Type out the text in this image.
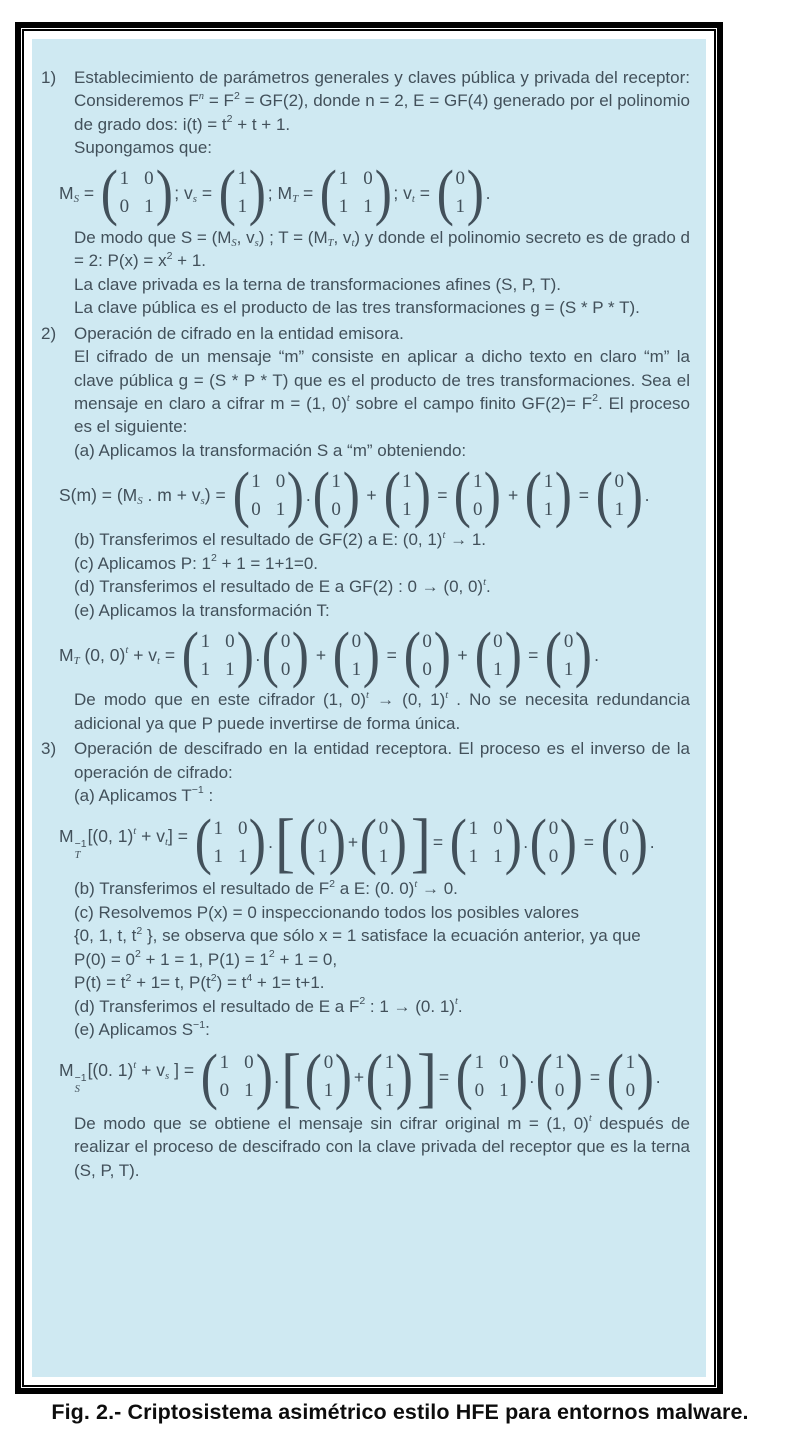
1)	Establecimiento de parámetros generales y claves pública y privada del receptor: Consideremos Fn = F2 = GF(2), donde n = 2, E = GF(4) generado por el polinomio de grado dos: i(t) = t2 + t + 1.
Supongamos que:
MS = ( 1 0
0 1 ) ; vs = ( 1
1 ) ; MT = ( 1 0
1 1 ) ; vt = ( 0
1 ) .
De modo que S = (MS, vs) ; T = (MT, vt) y donde el polinomio secreto es de grado d = 2: P(x) = x2 + 1.
La clave privada es la terna de transformaciones afines (S, P, T).
La clave pública es el producto de las tres transformaciones g = (S * P * T).
2)	Operación de cifrado en la entidad emisora.
El cifrado de un mensaje “m” consiste en aplicar a dicho texto en claro “m” la clave pública g = (S * P * T) que es el producto de tres transformaciones. Sea el mensaje en claro a cifrar m = (1, 0)t sobre el campo finito GF(2)= F2. El proceso es el siguiente:
(a) Aplicamos la transformación S a “m” obteniendo:
S(m) = (MS . m + vs) = ( 1 0
0 1 ) . ( 1
0 ) + ( 1
1 ) = ( 1
0 ) + ( 1
1 ) = ( 0
1 ) .
(b) Transferimos el resultado de GF(2) a E: (0, 1)t → 1.
(c) Aplicamos P: 12 + 1 = 1+1=0.
(d) Transferimos el resultado de E a GF(2) : 0 → (0, 0)t.
(e) Aplicamos la transformación T:
MT (0, 0)t + vt = ( 1 0
1 1 ) . ( 0
0 ) + ( 0
1 ) = ( 0
0 ) + ( 0
1 ) = ( 0
1 ) .
De modo que en este cifrador (1, 0)t → (0, 1)t . No se necesita redundancia adicional ya que P puede invertirse de forma única.
3)	Operación de descifrado en la entidad receptora. El proceso es el inverso de la operación de cifrado:
(a) Aplicamos T−1 :
M −1
T
[(0, 1)t + vt] = ( 1 0
1 1 ) . [ ( 0
1 ) + ( 0
1 ) ] = ( 1 0
1 1 ) . ( 0
0 ) = ( 0
0 ) .
(b) Transferimos el resultado de F2 a E: (0. 0)t → 0.
(c) Resolvemos P(x) = 0 inspeccionando todos los posibles valores
{0, 1, t, t2 }, se observa que sólo x = 1 satisface la ecuación anterior, ya que
P(0) = 02 + 1 = 1, P(1) = 12 + 1 = 0,
P(t) = t2 + 1= t, P(t2) = t4 + 1= t+1.
(d) Transferimos el resultado de E a F2 : 1 → (0. 1)t.
(e) Aplicamos S−1:
M −1
S
[(0. 1)t + vs ] = ( 1 0
0 1 ) . [ ( 0
1 ) + ( 1
1 ) ] = ( 1 0
0 1 ) . ( 1
0 ) = ( 1
0 ) .
De modo que se obtiene el mensaje sin cifrar original m = (1, 0)t después de realizar el proceso de descifrado con la clave privada del receptor que es la terna (S, P, T).
Fig. 2.- Criptosistema asimétrico estilo HFE para entornos malware.
